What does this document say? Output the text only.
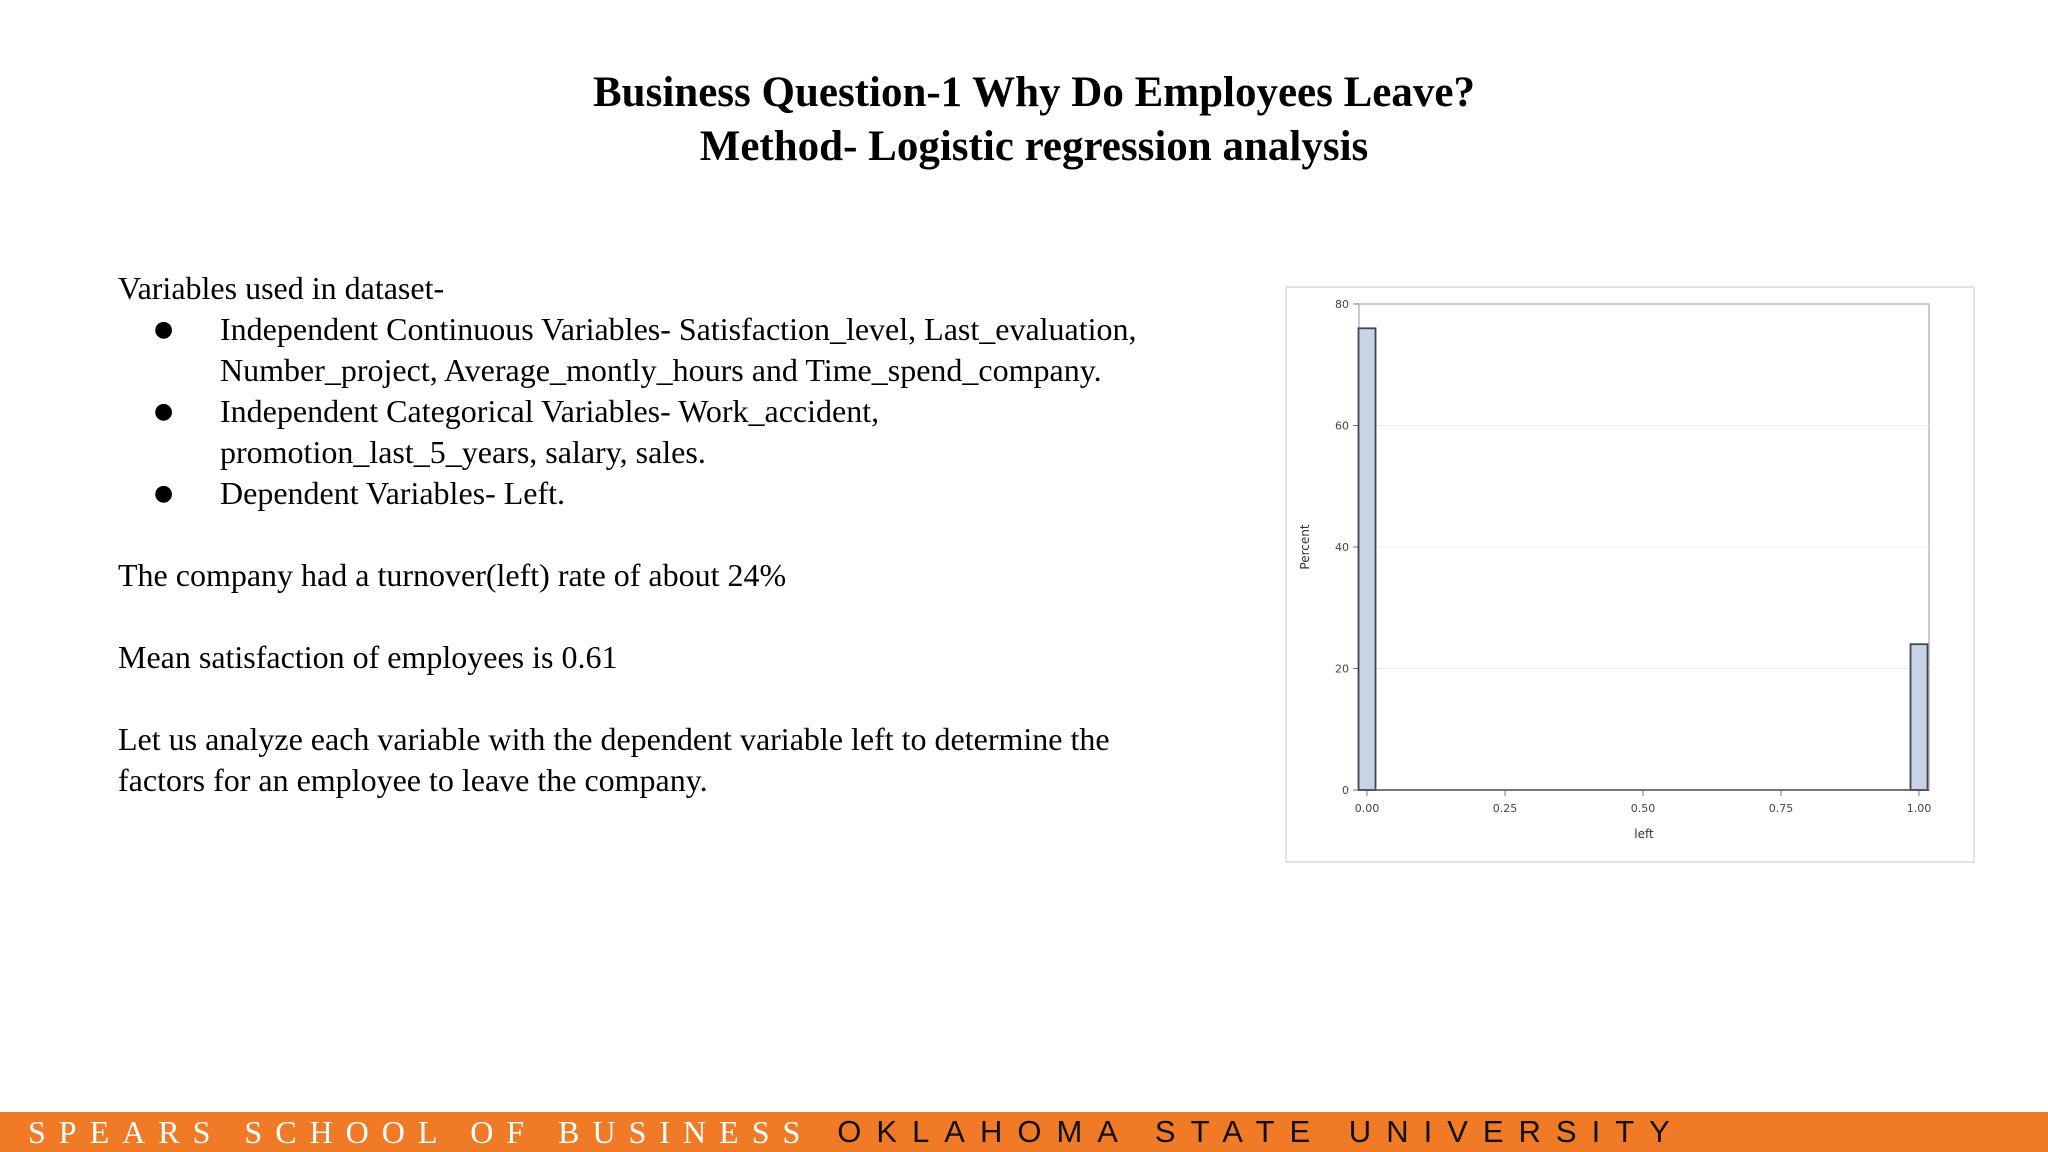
Business Question-1 Why Do Employees Leave?
Method- Logistic regression analysis

Variables used in dataset-

● Independent Continuous Variables- Satisfaction_level, Last_evaluation,
Number_project, Average_montly_hours and Time_spend_company.
● Independent Categorical Variables- Work_accident,
promotion_last_5_years, salary, sales.
● Dependent Variables- Left.

The company had a turnover(left) rate of about 24%

Mean satisfaction of employees is 0.61

Let us analyze each variable with the dependent variable left to determine the

factors for an employee to leave the company.	0
20
40
60
80
0.00	0.25	0.50	0.75	1.00
left
Percent
SPEARS SCHOOL OF BUSINESS OKLAHOMA STATE UNIVERSITY
